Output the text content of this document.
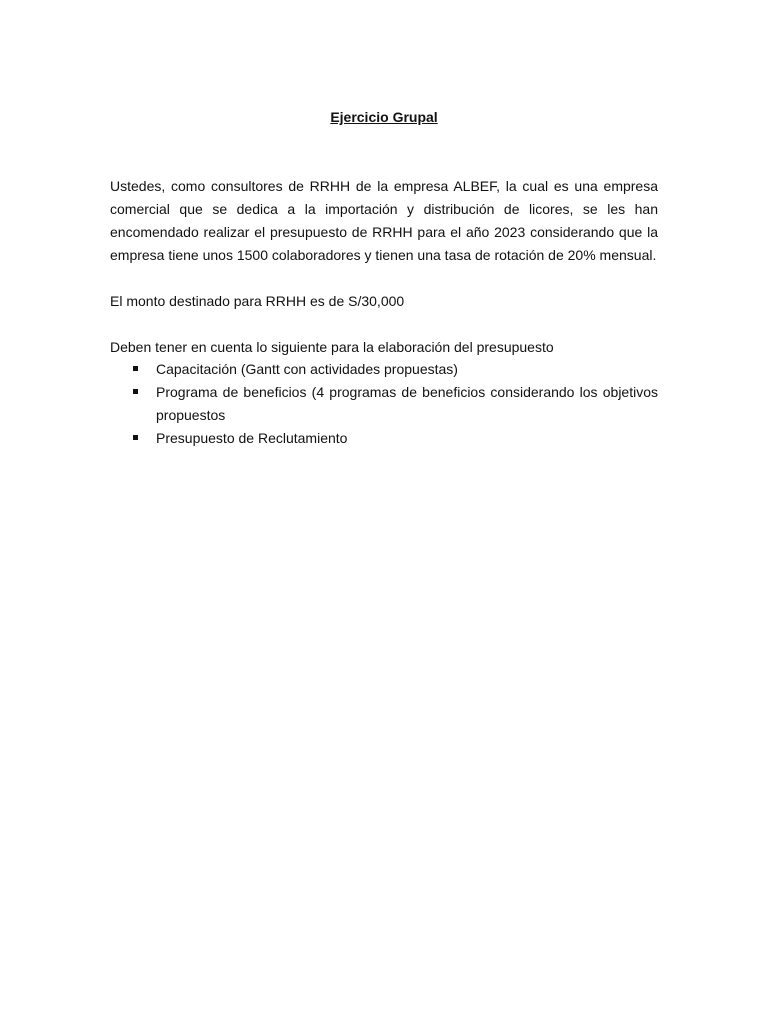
Ejercicio Grupal

Ustedes, como consultores de RRHH de la empresa ALBEF, la cual es una empresa comercial que se dedica a la importación y distribución de licores, se les han encomendado realizar el presupuesto de RRHH para el año 2023 considerando que la empresa tiene unos 1500 colaboradores y tienen una tasa de rotación de 20% mensual.

El monto destinado para RRHH es de S/30,000

Deben tener en cuenta lo siguiente para la elaboración del presupuesto

Capacitación (Gantt con actividades propuestas)
Programa de beneficios (4 programas de beneficios considerando los objetivos propuestos
Presupuesto de Reclutamiento
